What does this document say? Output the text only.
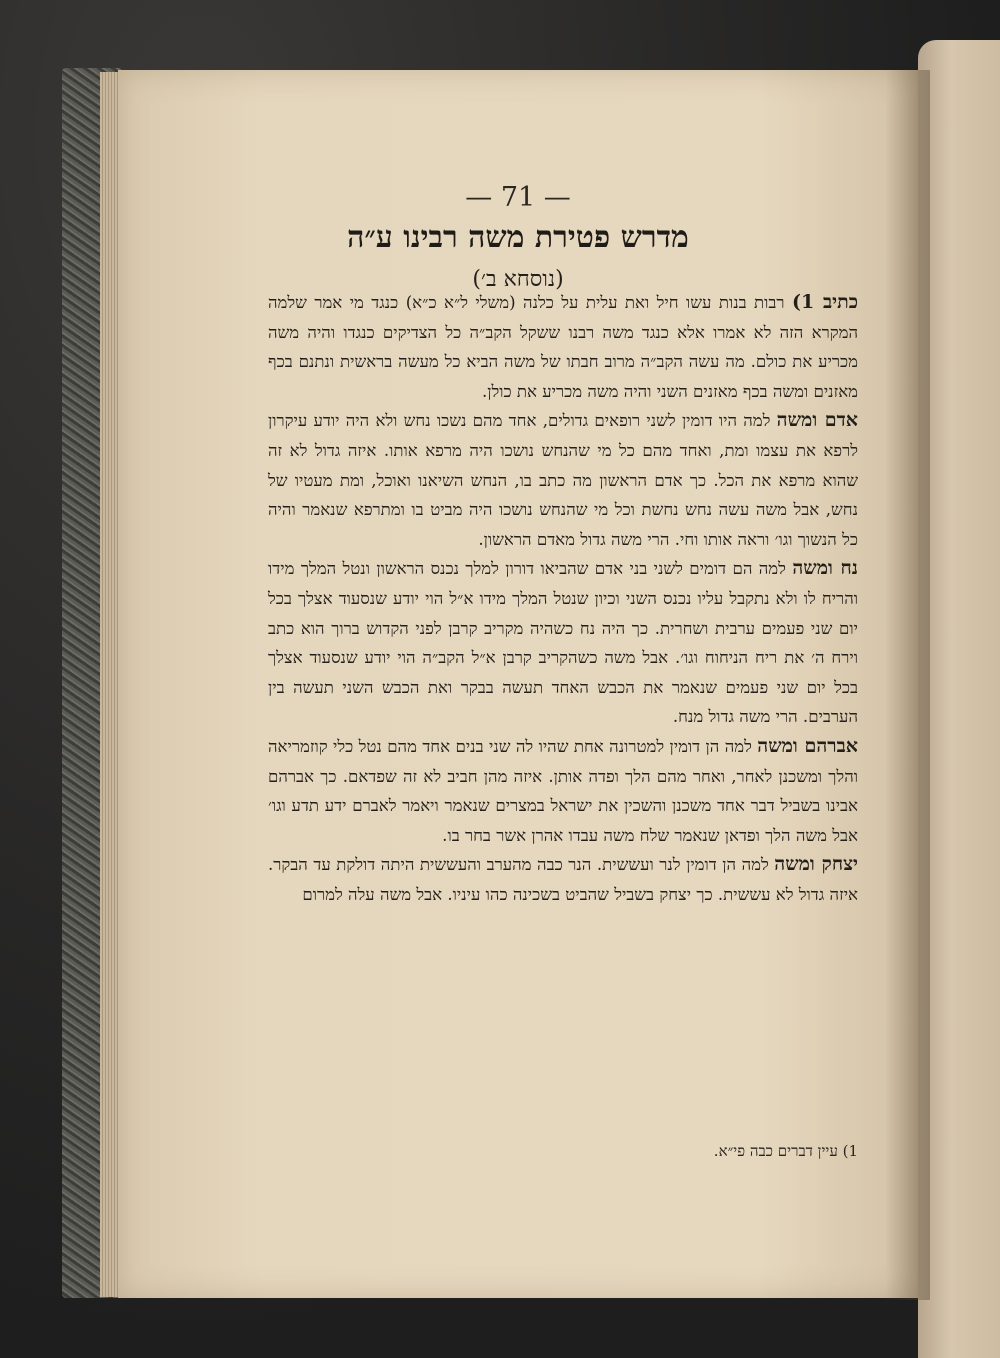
— 71 —
מדרש פטירת משה רבינו ע״ה
(נוסחא ב׳)

כתיב 1) רבות בנות עשו חיל ואת עלית על כלנה (משלי ל״א כ״א) כנגד מי אמר שלמה המקרא הזה לא אמרו אלא כנגד משה רבנו ששקל הקב״ה כל הצדיקים כנגדו והיה משה מכריע את כולם. מה עשה הקב״ה מרוב חבתו של משה הביא כל מעשה בראשית ונתנם בכף מאזנים ומשה בכף מאזנים השני והיה משה מכריע את כולן.

אדם ומשה למה היו דומין לשני רופאים גדולים, אחד מהם נשכו נחש ולא היה יודע עיקרון לרפא את עצמו ומת, ואחד מהם כל מי שהנחש נושכו היה מרפא אותו. איזה גדול לא זה שהוא מרפא את הכל. כך אדם הראשון מה כתב בו, הנחש השיאנו ואוכל, ומת מעטיו של נחש, אבל משה עשה נחש נחשת וכל מי שהנחש נושכו היה מביט בו ומתרפא שנאמר והיה כל הנשוך וגו׳ וראה אותו וחי. הרי משה גדול מאדם הראשון.

נח ומשה למה הם דומים לשני בני אדם שהביאו דורון למלך נכנס הראשון ונטל המלך מידו והריח לו ולא נתקבל עליו נכנס השני וכיון שנטל המלך מידו א״ל הוי יודע שנסעוד אצלך בכל יום שני פעמים ערבית ושחרית. כך היה נח כשהיה מקריב קרבן לפני הקדוש ברוך הוא כתב וירח ה׳ את ריח הניחוח וגו׳. אבל משה כשהקריב קרבן א״ל הקב״ה הוי יודע שנסעוד אצלך בכל יום שני פעמים שנאמר את הכבש האחד תעשה בבקר ואת הכבש השני תעשה בין הערבים. הרי משה גדול מנח.

אברהם ומשה למה הן דומין למטרונה אחת שהיו לה שני בנים אחד מהם נטל כלי קוזמריאה והלך ומשכנן לאחר, ואחר מהם הלך ופדה אותן. איזה מהן חביב לא זה שפדאם. כך אברהם אבינו בשביל דבר אחד משכנן והשכין את ישראל במצרים שנאמר ויאמר לאברם ידע תדע וגו׳ אבל משה הלך ופדאן שנאמר שלח משה עבדו אהרן אשר בחר בו.

יצחק ומשה למה הן דומין לנר ועששית. הנר כבה מהערב והעששית היתה דולקת עד הבקר. איזה גדול לא עששית. כך יצחק בשביל שהביט בשכינה כהו עיניו. אבל משה עלה למרום

1) עיין דברים כבה פי״א.
